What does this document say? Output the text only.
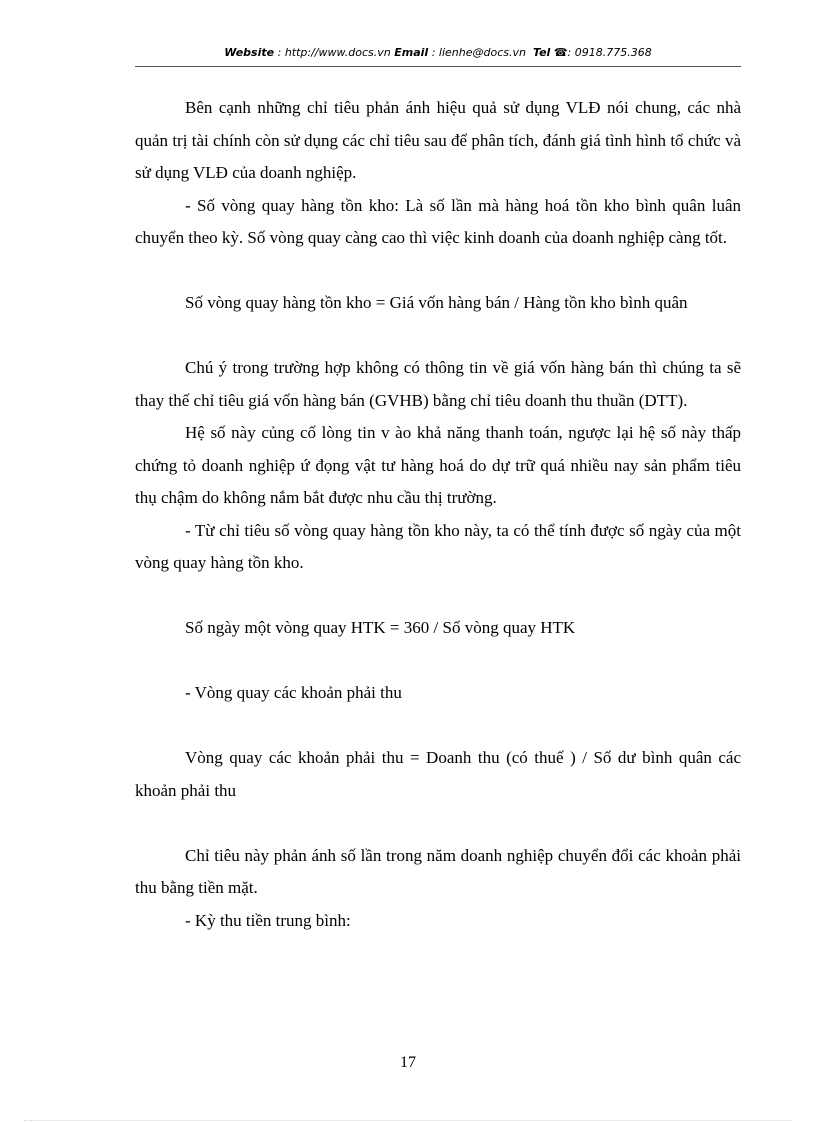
Website : http://www.docs.vn Email : lienhe@docs.vn Tel ☎: 0918.775.368

Bên cạnh những chỉ tiêu phản ánh hiệu quả sử dụng VLĐ nói chung, các nhà quản trị tài chính còn sử dụng các chỉ tiêu sau để phân tích, đánh giá tình hình tổ chức và sử dụng VLĐ của doanh nghiệp.

- Số vòng quay hàng tồn kho: Là số lần mà hàng hoá tồn kho bình quân luân chuyển theo kỳ. Số vòng quay càng cao thì việc kinh doanh của doanh nghiệp càng tốt.

Số vòng quay hàng tồn kho = Giá vốn hàng bán / Hàng tồn kho bình quân

Chú ý trong trường hợp không có thông tin về giá vốn hàng bán thì chúng ta sẽ thay thế chỉ tiêu giá vốn hàng bán (GVHB) bằng chỉ tiêu doanh thu thuần (DTT).

Hệ số này củng cố lòng tin v ào khả năng thanh toán, ngược lại hệ số này thấp chứng tỏ doanh nghiệp ứ đọng vật tư hàng hoá do dự trữ quá nhiều nay sản phẩm tiêu thụ chậm do không nắm bắt được nhu cầu thị trường.

- Từ chỉ tiêu số vòng quay hàng tồn kho này, ta có thể tính được số ngày của một vòng quay hàng tồn kho.

Số ngày một vòng quay HTK = 360 / Số vòng quay HTK

- Vòng quay các khoản phải thu

Vòng quay các khoản phải thu = Doanh thu (có thuế ) / Số dư bình quân các khoản phải thu

Chỉ tiêu này phản ánh số lần trong năm doanh nghiệp chuyển đổi các khoản phải thu bằng tiền mặt.

- Kỳ thu tiền trung bình:

17
